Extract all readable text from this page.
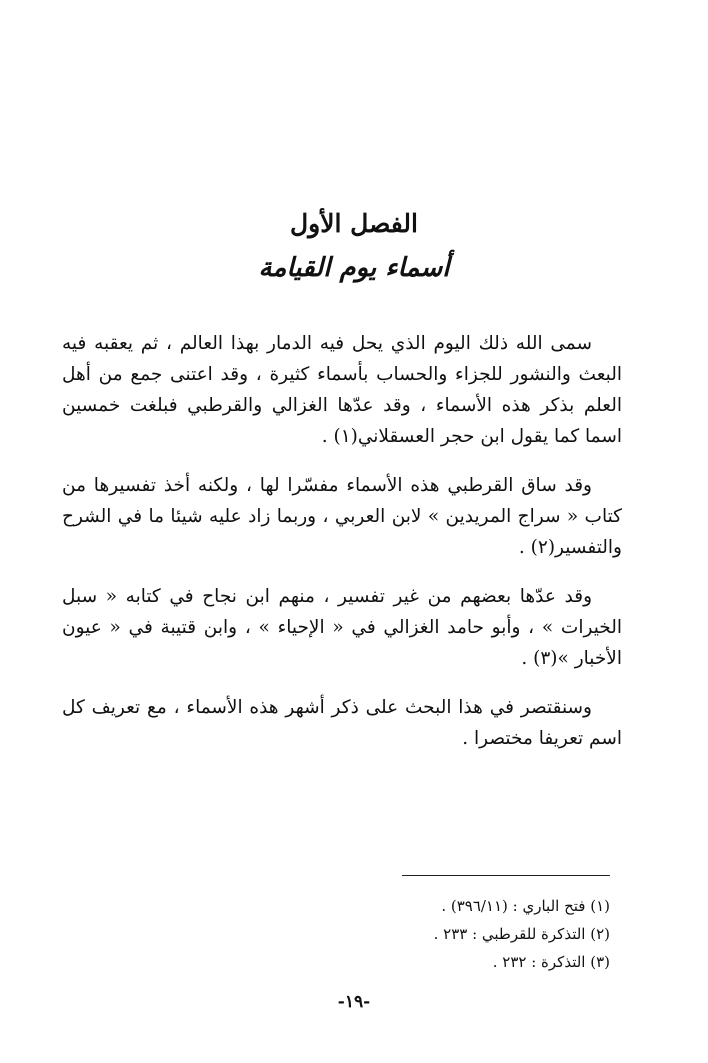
الفصل الأول
أسماء يوم القيامة

سمى الله ذلك اليوم الذي يحل فيه الدمار بهذا العالم ، ثم يعقبه فيه البعث والنشور للجزاء والحساب بأسماء كثيرة ، وقد اعتنى جمع من أهل العلم بذكر هذه الأسماء ، وقد عدّها الغزالي والقرطبي فبلغت خمسين اسما كما يقول ابن حجر العسقلاني(١) .

وقد ساق القرطبي هذه الأسماء مفسّرا لها ، ولكنه أخذ تفسيرها من كتاب « سراج المريدين » لابن العربي ، وربما زاد عليه شيئا ما في الشرح والتفسير(٢) .

وقد عدّها بعضهم من غير تفسير ، منهم ابن نجاح في كتابه « سبل الخيرات » ، وأبو حامد الغزالي في « الإحياء » ، وابن قتيبة في « عيون الأخبار »(٣) .

وسنقتصر في هذا البحث على ذكر أشهر هذه الأسماء ، مع تعريف كل اسم تعريفا مختصرا .

(١) فتح الباري : (٣٩٦/١١) .
(٢) التذكرة للقرطبي : ٢٣٣ .
(٣) التذكرة : ٢٣٢ .
-١٩-
